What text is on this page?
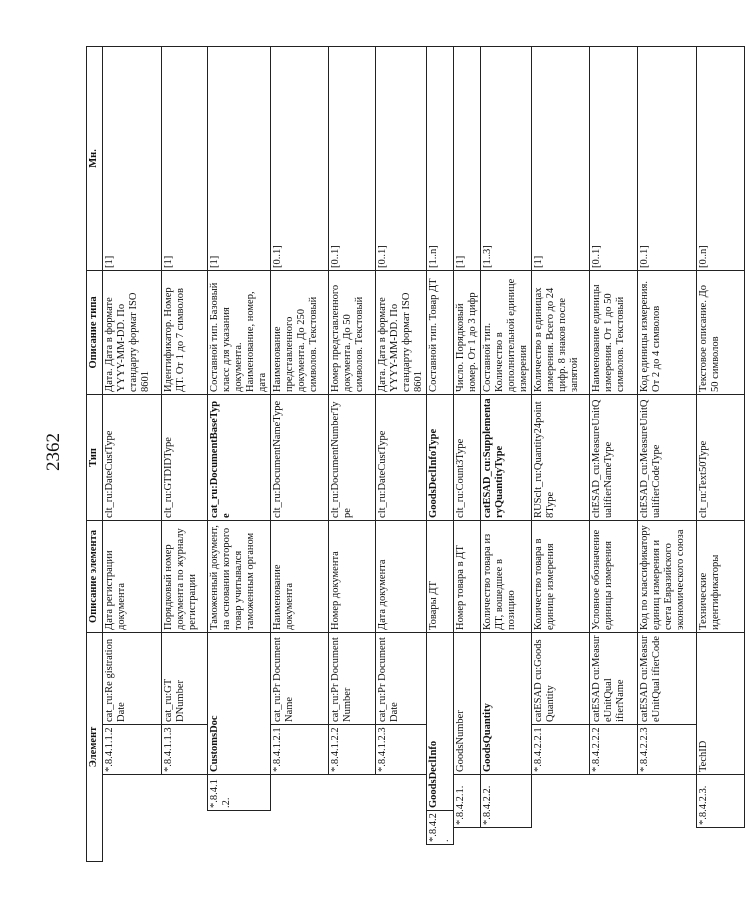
2362
Элемент						Описание элемента	Тип	Описание типа	Мн.
				*.8.4.1.1.2	cat_ru:Re gistration Date	Дата регистрации документа	clt_ru:DateCustType	Дата. Дата в формате YYYY-MM-DD. По стандарту формат ISO 8601	[1]
				*.8.4.1.1.3	cat_ru:GT DNumber	Порядковый номер документа по журналу регистрации	clt_ru:GTDIDType	Идентификатор. Номер ДТ. От 1 до 7 символов	[1]
			*.8.4.1.2.	CustomsDoc		Таможенный документ, на основании которого товар учитывался таможенным органом	cat_ru:DocumentBaseType	Составной тип. Базовый класс для указания документа. Наименование, номер, дата	[1]
				*.8.4.1.2.1	cat_ru:Pr Document Name	Наименование документа	clt_ru:DocumentNameType	Наименование представленного документа. До 250 символов. Текстовый	[0..1]
				*.8.4.1.2.2	cat_ru:Pr Document Number	Номер документа	clt_ru:DocumentNumberType	Номер представленного документа. До 50 символов. Текстовый	[0..1]
				*.8.4.1.2.3	cat_ru:Pr Document Date	Дата документа	clt_ru:DateCustType	Дата. Дата в формате YYYY-MM-DD. По стандарту формат ISO 8601	[0..1]
	*.8.4.2.		GoodsDeclInfo			Товары ДТ	GoodsDeclInfoType	Составной тип. Товар ДТ	[1..n]
		*.8.4.2.1.		GoodsNumber		Номер товара в ДТ	clt_ru:Count3Type	Число. Порядковый номер. От 1 до 3 цифр	[1]
		*.8.4.2.2.		GoodsQuantity		Количество товара из ДТ, вошедшее в позицию	catESAD_cu:SupplementaryQuantityType	Составной тип. Количество в дополнительной единице измерения	[1..3]
				*.8.4.2.2.1	catESAD cu:Goods Quantity	Количество товара в единице измерения	RUSclt_ru:Quantity24point8Type	Количество в единицах измерения. Всего до 24 цифр. 8 знаков после запятой	[1]
				*.8.4.2.2.2	catESAD cu:Measur eUnitQual ifierName	Условное обозначение единицы измерения	cltESAD_cu:MeasureUnitQualifierNameType	Наименование единицы измерения. От 1 до 50 символов. Текстовый	[0..1]
				*.8.4.2.2.3	catESAD cu:Measur eUnitQual ifierCode	Код по классификатору единиц измерения и счета Евразийского экономического союза	cltESAD_cu:MeasureUnitQualifierCodeType	Код единицы измерения. От 2 до 4 символов	[0..1]
		*.8.4.2.3.		TechID		Технические идентификаторы	clt_ru:Text50Type	Текстовое описание. До 50 символов	[0..n]
